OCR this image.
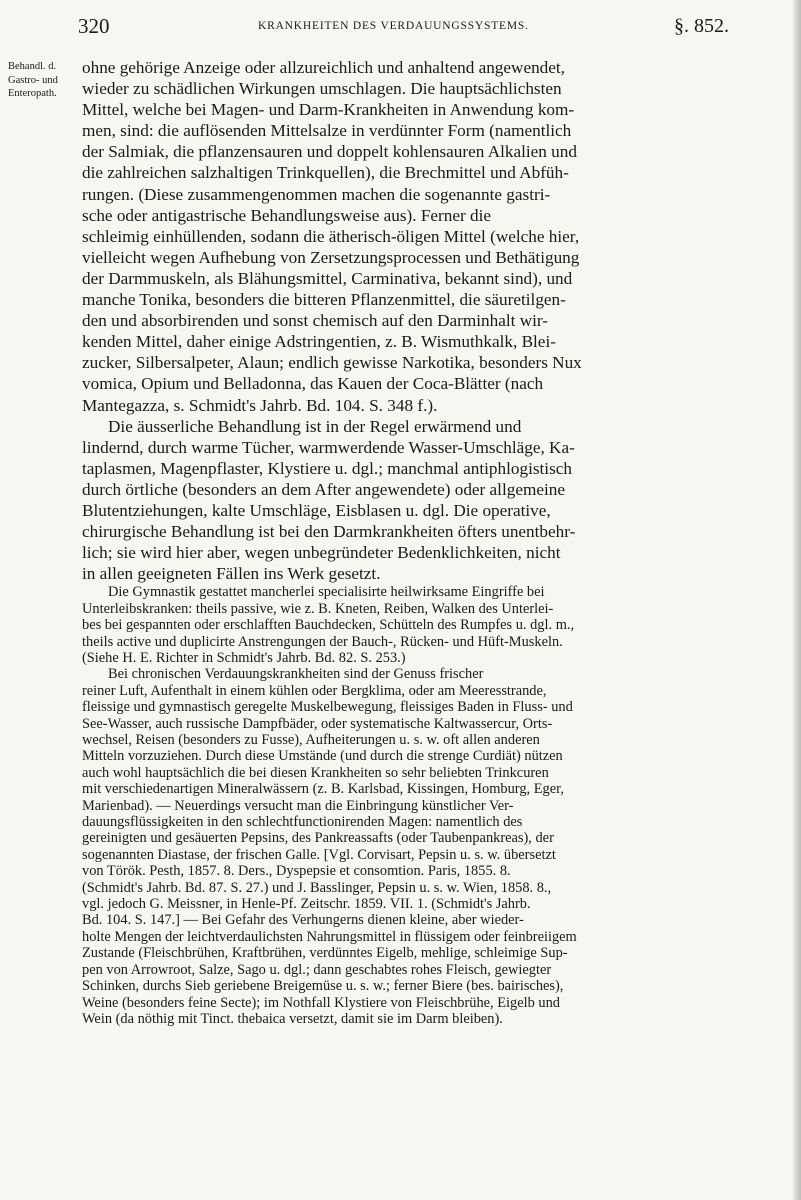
320	KRANKHEITEN DES VERDAUUNGSSYSTEMS.	§. 852.
Behandl. d.
Gastro- und
Enteropath.
ohne gehörige Anzeige oder allzureichlich und anhaltend angewendet,
wieder zu schädlichen Wirkungen umschlagen. Die hauptsächlichsten
Mittel, welche bei Magen- und Darm-Krankheiten in Anwendung kom-
men, sind: die auflösenden Mittelsalze in verdünnter Form (namentlich
der Salmiak, die pflanzensauren und doppelt kohlensauren Alkalien und
die zahlreichen salzhaltigen Trinkquellen), die Brechmittel und Abfüh-
rungen. (Diese zusammengenommen machen die sogenannte gastri-
sche oder antigastrische Behandlungsweise aus). Ferner die
schleimig einhüllenden, sodann die ätherisch-öligen Mittel (welche hier,
vielleicht wegen Aufhebung von Zersetzungsprocessen und Bethätigung
der Darmmuskeln, als Blähungsmittel, Carminativa, bekannt sind), und
manche Tonika, besonders die bitteren Pflanzenmittel, die säuretilgen-
den und absorbirenden und sonst chemisch auf den Darminhalt wir-
kenden Mittel, daher einige Adstringentien, z. B. Wismuthkalk, Blei-
zucker, Silbersalpeter, Alaun; endlich gewisse Narkotika, besonders Nux
vomica, Opium und Belladonna, das Kauen der Coca-Blätter (nach
Mantegazza, s. Schmidt's Jahrb. Bd. 104. S. 348 f.).
Die äusserliche Behandlung ist in der Regel erwärmend und
lindernd, durch warme Tücher, warmwerdende Wasser-Umschläge, Ka-
taplasmen, Magenpflaster, Klystiere u. dgl.; manchmal antiphlogistisch
durch örtliche (besonders an dem After angewendete) oder allgemeine
Blutentziehungen, kalte Umschläge, Eisblasen u. dgl. Die operative,
chirurgische Behandlung ist bei den Darmkrankheiten öfters unentbehr-
lich; sie wird hier aber, wegen unbegründeter Bedenklichkeiten, nicht
in allen geeigneten Fällen ins Werk gesetzt.
Die Gymnastik gestattet mancherlei specialisirte heilwirksame Eingriffe bei
Unterleibskranken: theils passive, wie z. B. Kneten, Reiben, Walken des Unterlei-
bes bei gespannten oder erschlafften Bauchdecken, Schütteln des Rumpfes u. dgl. m.,
theils active und duplicirte Anstrengungen der Bauch-, Rücken- und Hüft-Muskeln.
(Siehe H. E. Richter in Schmidt's Jahrb. Bd. 82. S. 253.)
Bei chronischen Verdauungskrankheiten sind der Genuss frischer
reiner Luft, Aufenthalt in einem kühlen oder Bergklima, oder am Meeresstrande,
fleissige und gymnastisch geregelte Muskelbewegung, fleissiges Baden in Fluss- und
See-Wasser, auch russische Dampfbäder, oder systematische Kaltwassercur, Orts-
wechsel, Reisen (besonders zu Fusse), Aufheiterungen u. s. w. oft allen anderen
Mitteln vorzuziehen. Durch diese Umstände (und durch die strenge Curdiät) nützen
auch wohl hauptsächlich die bei diesen Krankheiten so sehr beliebten Trinkcuren
mit verschiedenartigen Mineralwässern (z. B. Karlsbad, Kissingen, Homburg, Eger,
Marienbad). — Neuerdings versucht man die Einbringung künstlicher Ver-
dauungsflüssigkeiten in den schlechtfunctionirenden Magen: namentlich des
gereinigten und gesäuerten Pepsins, des Pankreassafts (oder Taubenpankreas), der
sogenannten Diastase, der frischen Galle. [Vgl. Corvisart, Pepsin u. s. w. übersetzt
von Török. Pesth, 1857. 8. Ders., Dyspepsie et consomtion. Paris, 1855. 8.
(Schmidt's Jahrb. Bd. 87. S. 27.) und J. Basslinger, Pepsin u. s. w. Wien, 1858. 8.,
vgl. jedoch G. Meissner, in Henle-Pf. Zeitschr. 1859. VII. 1. (Schmidt's Jahrb.
Bd. 104. S. 147.] — Bei Gefahr des Verhungerns dienen kleine, aber wieder-
holte Mengen der leichtverdaulichsten Nahrungsmittel in flüssigem oder feinbreiigem
Zustande (Fleischbrühen, Kraftbrühen, verdünntes Eigelb, mehlige, schleimige Sup-
pen von Arrowroot, Salze, Sago u. dgl.; dann geschabtes rohes Fleisch, gewiegter
Schinken, durchs Sieb geriebene Breigemüse u. s. w.; ferner Biere (bes. bairisches),
Weine (besonders feine Secte); im Nothfall Klystiere von Fleischbrühe, Eigelb und
Wein (da nöthig mit Tinct. thebaica versetzt, damit sie im Darm bleiben).
